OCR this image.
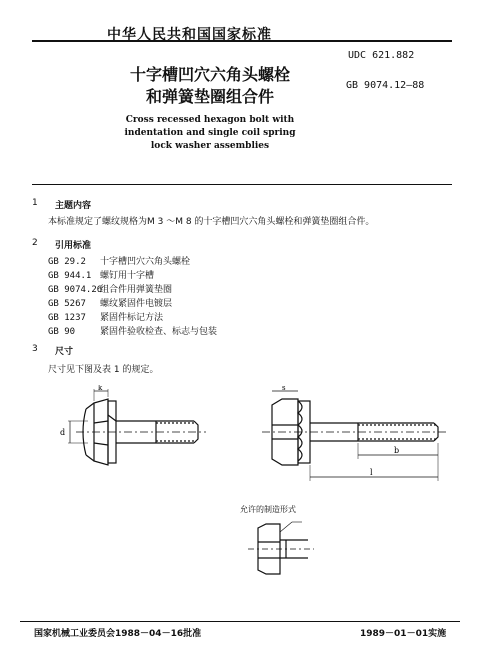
中华人民共和国国家标准
UDC 621.882
GB 9074.12—88
十字槽凹穴六角头螺栓
和弹簧垫圈组合件
Cross recessed hexagon bolt with
indentation and single coil spring
lock washer assemblies
1 主题内容
本标准规定了螺纹规格为M 3 ～M 8 的十字槽凹穴六角头螺栓和弹簧垫圈组合件。
2 引用标准
GB 29.2 十字槽凹穴六角头螺栓
GB 944.1 螺钉用十字槽
GB 9074.26组合件用弹簧垫圈
GB 5267 螺纹紧固件电镀层
GB 1237 紧固件标记方法
GB 90	紧固件验收检查、标志与包装
3 尺寸
尺寸见下图及表 1 的规定。
d
k
b
l
s
允许的制造形式
国家机械工业委员会1988－04－16批准	1989－01－01实施
